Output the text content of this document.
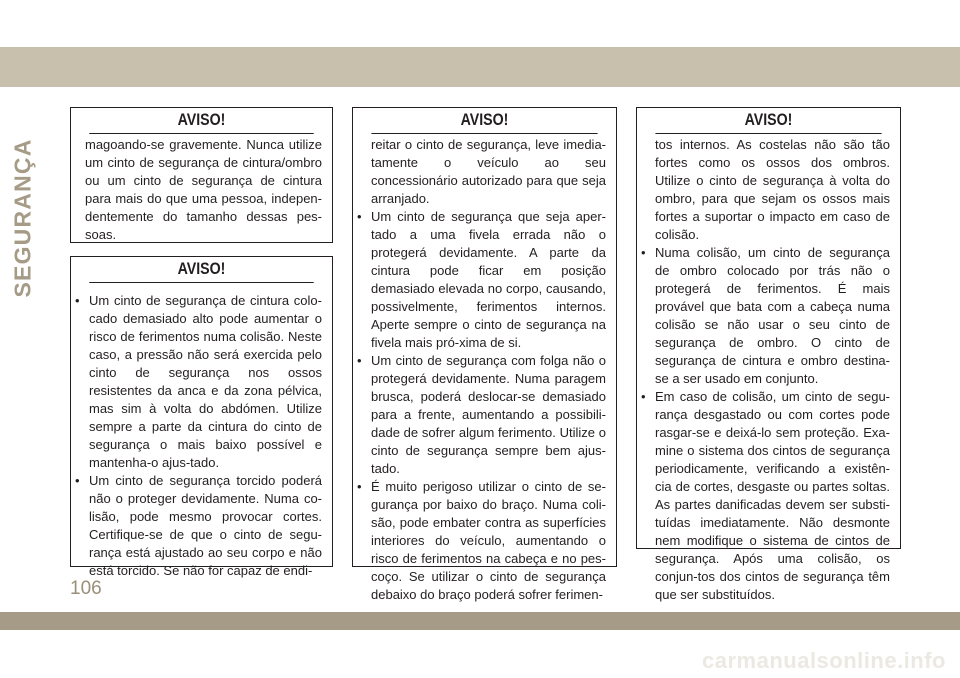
SEGURANÇA
AVISO!

magoando-se gravemente. Nunca utilize um cinto de segurança de cintura/ombro ou um cinto de segurança de cintura para mais do que uma pessoa, indepen-dentemente do tamanho dessas pes-soas.

AVISO!
• Um cinto de segurança de cintura colo-cado demasiado alto pode aumentar o risco de ferimentos numa colisão. Neste caso, a pressão não será exercida pelo cinto de segurança nos ossos resistentes da anca e da zona pélvica, mas sim à volta do abdómen. Utilize sempre a parte da cintura do cinto de segurança o mais baixo possível e mantenha-o ajus-tado.
• Um cinto de segurança torcido poderá não o proteger devidamente. Numa co-lisão, pode mesmo provocar cortes. Certifique-se de que o cinto de segu-rança está ajustado ao seu corpo e não está torcido. Se não for capaz de endi-
AVISO!

reitar o cinto de segurança, leve imedia-tamente o veículo ao seu concessionário autorizado para que seja arranjado.

• Um cinto de segurança que seja aper-tado a uma fivela errada não o protegerá devidamente. A parte da cintura pode ficar em posição demasiado elevada no corpo, causando, possivelmente, ferimentos internos. Aperte sempre o cinto de segurança na fivela mais pró-xima de si.
• Um cinto de segurança com folga não o protegerá devidamente. Numa paragem brusca, poderá deslocar-se demasiado para a frente, aumentando a possibili-dade de sofrer algum ferimento. Utilize o cinto de segurança sempre bem ajus-tado.
• É muito perigoso utilizar o cinto de se-gurança por baixo do braço. Numa coli-são, pode embater contra as superfícies interiores do veículo, aumentando o risco de ferimentos na cabeça e no pes-coço. Se utilizar o cinto de segurança debaixo do braço poderá sofrer ferimen-
AVISO!

tos internos. As costelas não são tão fortes como os ossos dos ombros. Utilize o cinto de segurança à volta do ombro, para que sejam os ossos mais fortes a suportar o impacto em caso de colisão.

• Numa colisão, um cinto de segurança de ombro colocado por trás não o protegerá de ferimentos. É mais provável que bata com a cabeça numa colisão se não usar o seu cinto de segurança de ombro. O cinto de segurança de cintura e ombro destina-se a ser usado em conjunto.
• Em caso de colisão, um cinto de segu-rança desgastado ou com cortes pode rasgar-se e deixá-lo sem proteção. Exa-mine o sistema dos cintos de segurança periodicamente, verificando a existên-cia de cortes, desgaste ou partes soltas. As partes danificadas devem ser substi-tuídas imediatamente. Não desmonte nem modifique o sistema de cintos de segurança. Após uma colisão, os conjun-tos dos cintos de segurança têm que ser substituídos.
106
carmanualsonline.info
